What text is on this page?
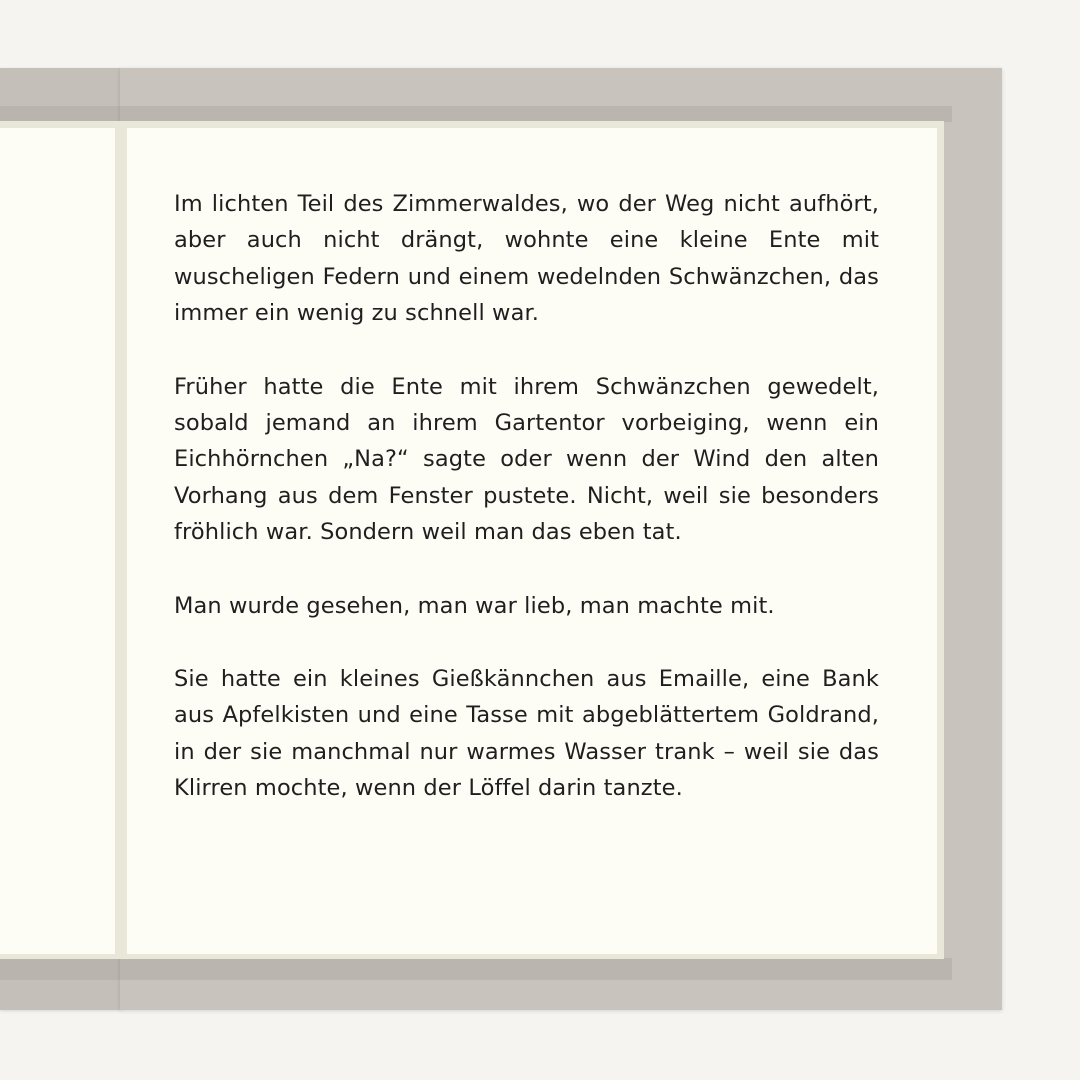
Im lichten Teil des Zimmerwaldes, wo der Weg nicht aufhört, aber auch nicht drängt, wohnte eine kleine Ente mit wuscheligen Federn und einem wedelnden Schwänzchen, das immer ein wenig zu schnell war.

Früher hatte die Ente mit ihrem Schwänzchen gewedelt, sobald jemand an ihrem Gartentor vorbeiging, wenn ein Eichhörnchen „Na?“ sagte oder wenn der Wind den alten Vorhang aus dem Fenster pustete. Nicht, weil sie besonders fröhlich war. Sondern weil man das eben tat.

Man wurde gesehen, man war lieb, man machte mit.

Sie hatte ein kleines Gießkännchen aus Emaille, eine Bank aus Apfelkisten und eine Tasse mit abgeblättertem Goldrand, in der sie manchmal nur warmes Wasser trank – weil sie das Klirren mochte, wenn der Löffel darin tanzte.
